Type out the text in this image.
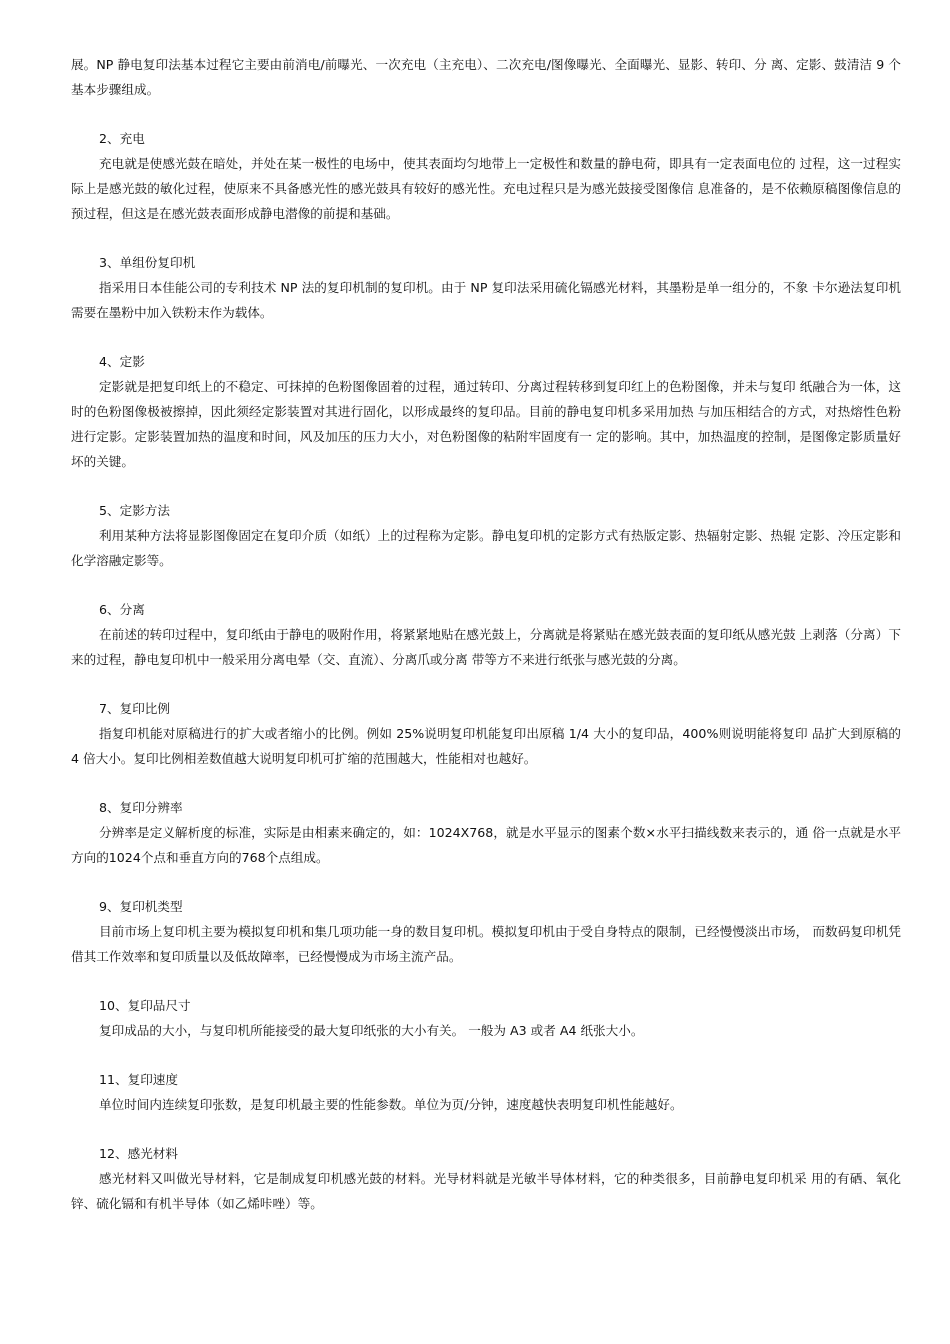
展。NP 静电复印法基本过程它主要由前消电/前曝光、一次充电（主充电）、二次充电/图像曝光、全面曝光、显影、转印、分 离、定影、鼓清洁 9 个基本步骤组成。

2、充电

充电就是使感光鼓在暗处，并处在某一极性的电场中，使其表面均匀地带上一定极性和数量的静电荷，即具有一定表面电位的 过程，这一过程实际上是感光鼓的敏化过程，使原来不具备感光性的感光鼓具有较好的感光性。充电过程只是为感光鼓接受图像信 息准备的，是不依赖原稿图像信息的预过程，但这是在感光鼓表面形成静电潜像的前提和基础。

3、单组份复印机

指采用日本佳能公司的专利技术 NP 法的复印机制的复印机。由于 NP 复印法采用硫化镉感光材料，其墨粉是单一组分的，不象 卡尔逊法复印机需要在墨粉中加入铁粉末作为载体。

4、定影

定影就是把复印纸上的不稳定、可抹掉的色粉图像固着的过程，通过转印、分离过程转移到复印红上的色粉图像，并未与复印 纸融合为一体，这时的色粉图像极被擦掉，因此须经定影装置对其进行固化，以形成最终的复印品。目前的静电复印机多采用加热 与加压相结合的方式，对热熔性色粉进行定影。定影装置加热的温度和时间，风及加压的压力大小，对色粉图像的粘附牢固度有一 定的影响。其中，加热温度的控制，是图像定影质量好坏的关键。

5、定影方法

利用某种方法将显影图像固定在复印介质（如纸）上的过程称为定影。静电复印机的定影方式有热版定影、热辐射定影、热辊 定影、冷压定影和化学溶融定影等。

6、分离

在前述的转印过程中，复印纸由于静电的吸附作用，将紧紧地贴在感光鼓上，分离就是将紧贴在感光鼓表面的复印纸从感光鼓 上剥落（分离）下来的过程，静电复印机中一般采用分离电晕（交、直流）、分离爪或分离 带等方不来进行纸张与感光鼓的分离。

7、复印比例

指复印机能对原稿进行的扩大或者缩小的比例。例如 25%说明复印机能复印出原稿 1/4 大小的复印品，400%则说明能将复印 品扩大到原稿的 4 倍大小。复印比例相差数值越大说明复印机可扩缩的范围越大，性能相对也越好。

8、复印分辨率

分辨率是定义解析度的标准，实际是由相素来确定的，如：1024X768，就是水平显示的图素个数×水平扫描线数来表示的，通 俗一点就是水平方向的1024个点和垂直方向的768个点组成。

9、复印机类型

目前市场上复印机主要为模拟复印机和集几项功能一身的数目复印机。模拟复印机由于受自身特点的限制，已经慢慢淡出市场， 而数码复印机凭借其工作效率和复印质量以及低故障率，已经慢慢成为市场主流产品。

10、复印品尺寸

复印成品的大小，与复印机所能接受的最大复印纸张的大小有关。 一般为 A3 或者 A4 纸张大小。

11、复印速度

单位时间内连续复印张数，是复印机最主要的性能参数。单位为页/分钟，速度越快表明复印机性能越好。

12、感光材料

感光材料又叫做光导材料，它是制成复印机感光鼓的材料。光导材料就是光敏半导体材料，它的种类很多，目前静电复印机采 用的有硒、氧化锌、硫化镉和有机半导体（如乙烯咔唑）等。
